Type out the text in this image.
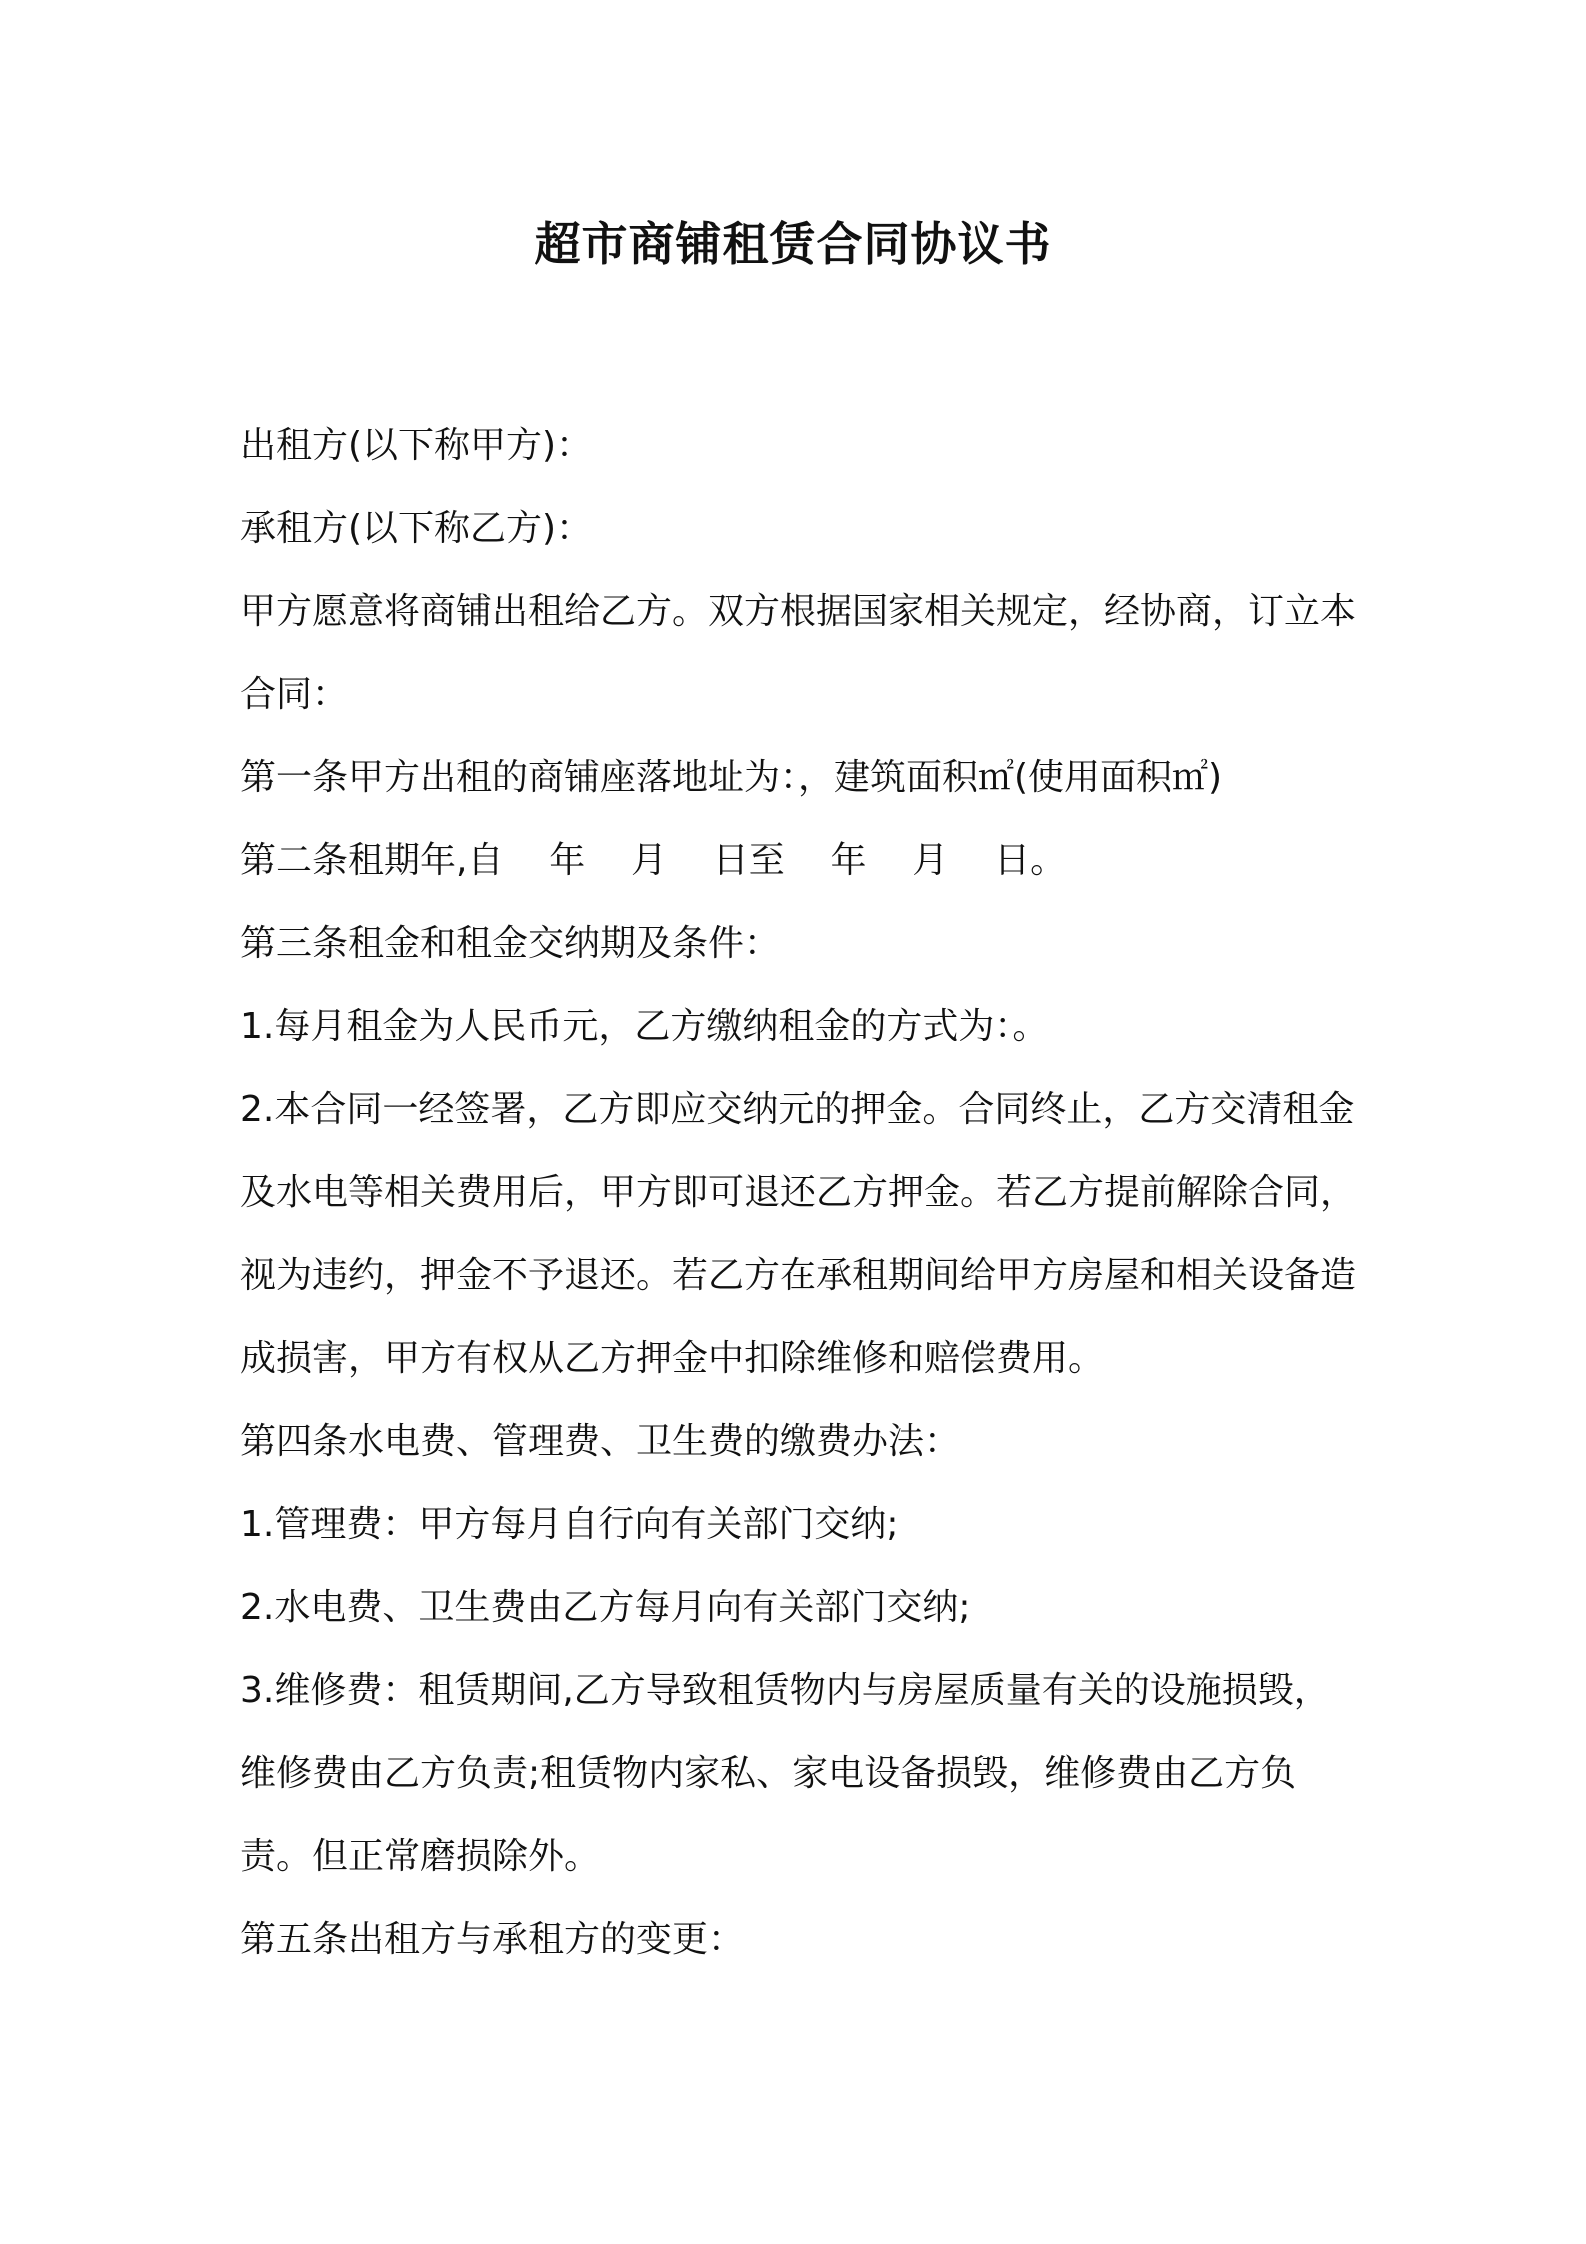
超市商铺租赁合同协议书

出租方(以下称甲方)：

承租方(以下称乙方)：

甲方愿意将商铺出租给乙方。双方根据国家相关规定，经协商，订立本合同：

第一条甲方出租的商铺座落地址为：，建筑面积㎡(使用面积㎡)

第二条租期年,自    年    月    日至    年    月    日。

第三条租金和租金交纳期及条件：

1.每月租金为人民币元，乙方缴纳租金的方式为：。

2.本合同一经签署，乙方即应交纳元的押金。合同终止，乙方交清租金及水电等相关费用后，甲方即可退还乙方押金。若乙方提前解除合同，视为违约，押金不予退还。若乙方在承租期间给甲方房屋和相关设备造成损害，甲方有权从乙方押金中扣除维修和赔偿费用。

第四条水电费、管理费、卫生费的缴费办法：

1.管理费：甲方每月自行向有关部门交纳;

2.水电费、卫生费由乙方每月向有关部门交纳;

3.维修费：租赁期间,乙方导致租赁物内与房屋质量有关的设施损毁，维修费由乙方负责;租赁物内家私、家电设备损毁，维修费由乙方负责。但正常磨损除外。

第五条出租方与承租方的变更：
